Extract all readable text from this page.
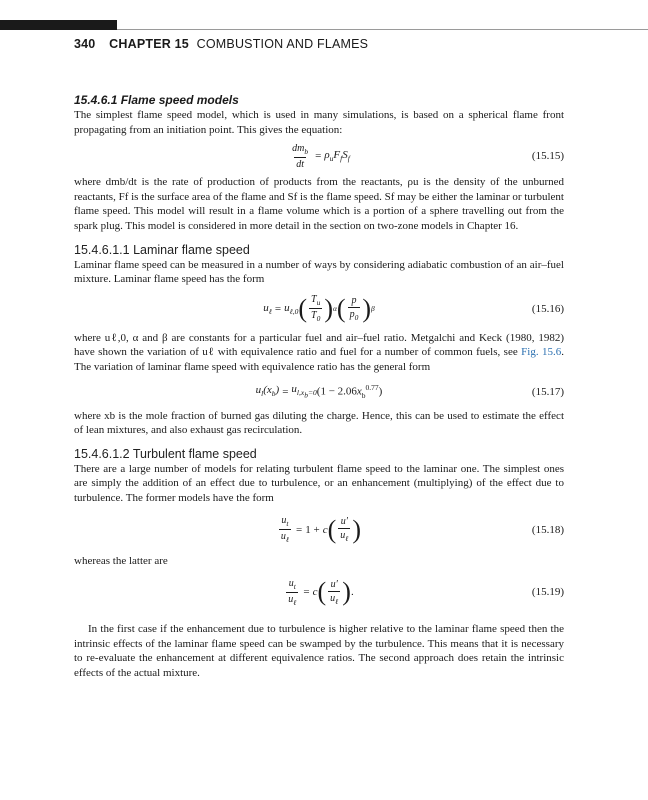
340 CHAPTER 15 COMBUSTION AND FLAMES
15.4.6.1 Flame speed models

The simplest flame speed model, which is used in many simulations, is based on a spherical flame front propagating from an initiation point. This gives the equation:

$\frac{dm_b}{dt} = \rho_uF_fS_f$	(15.15)

where dmb/dt is the rate of production of products from the reactants, ρu is the density of the unburned reactants, Ff is the surface area of the flame and Sf is the flame speed. Sf may be either the laminar or turbulent flame speed. This model will result in a flame volume which is a portion of a sphere travelling out from the spark plug. This model is considered in more detail in the section on two-zone models in Chapter 16.

15.4.6.1.1 Laminar flame speed

Laminar flame speed can be measured in a number of ways by considering adiabatic combustion of an air–fuel mixture. Laminar flame speed has the form

$u_\ell = u_{\ell,0}$ ( $\frac{T_u}{T_0}$ ) α ( $\frac{p}{p_0}$ ) β	(15.16)

where uℓ,0, α and β are constants for a particular fuel and air–fuel ratio. Metgalchi and Keck (1980, 1982) have shown the variation of uℓ with equivalence ratio and fuel for a number of common fuels, see Fig. 15.6. The variation of laminar flame speed with equivalence ratio has the general form

$u_l(x_b) = u_{l,x_b=0}$ $(1 - 2.06x_b^{0.77})$	(15.17)

where xb is the mole fraction of burned gas diluting the charge. Hence, this can be used to estimate the effect of lean mixtures, and also exhaust gas recirculation.

15.4.6.1.2 Turbulent flame speed

There are a large number of models for relating turbulent flame speed to the laminar one. The simplest ones are simply the addition of an effect due to turbulence, or an enhancement (multiplying) of the effect due to turbulence. The former models have the form

$\frac{u_t}{u_\ell} = 1 + c$ ( $\frac{u'}{u_\ell}$ )	(15.18)

whereas the latter are

$\frac{u_t}{u_\ell} = c$ ( $\frac{u'}{u_\ell}$ ) .	(15.19)

In the first case if the enhancement due to turbulence is higher relative to the laminar flame speed then the intrinsic effects of the laminar flame speed can be swamped by the turbulence. This means that it is necessary to re-evaluate the enhancement at different equivalence ratios. The second approach does retain the intrinsic effects of the actual mixture.
